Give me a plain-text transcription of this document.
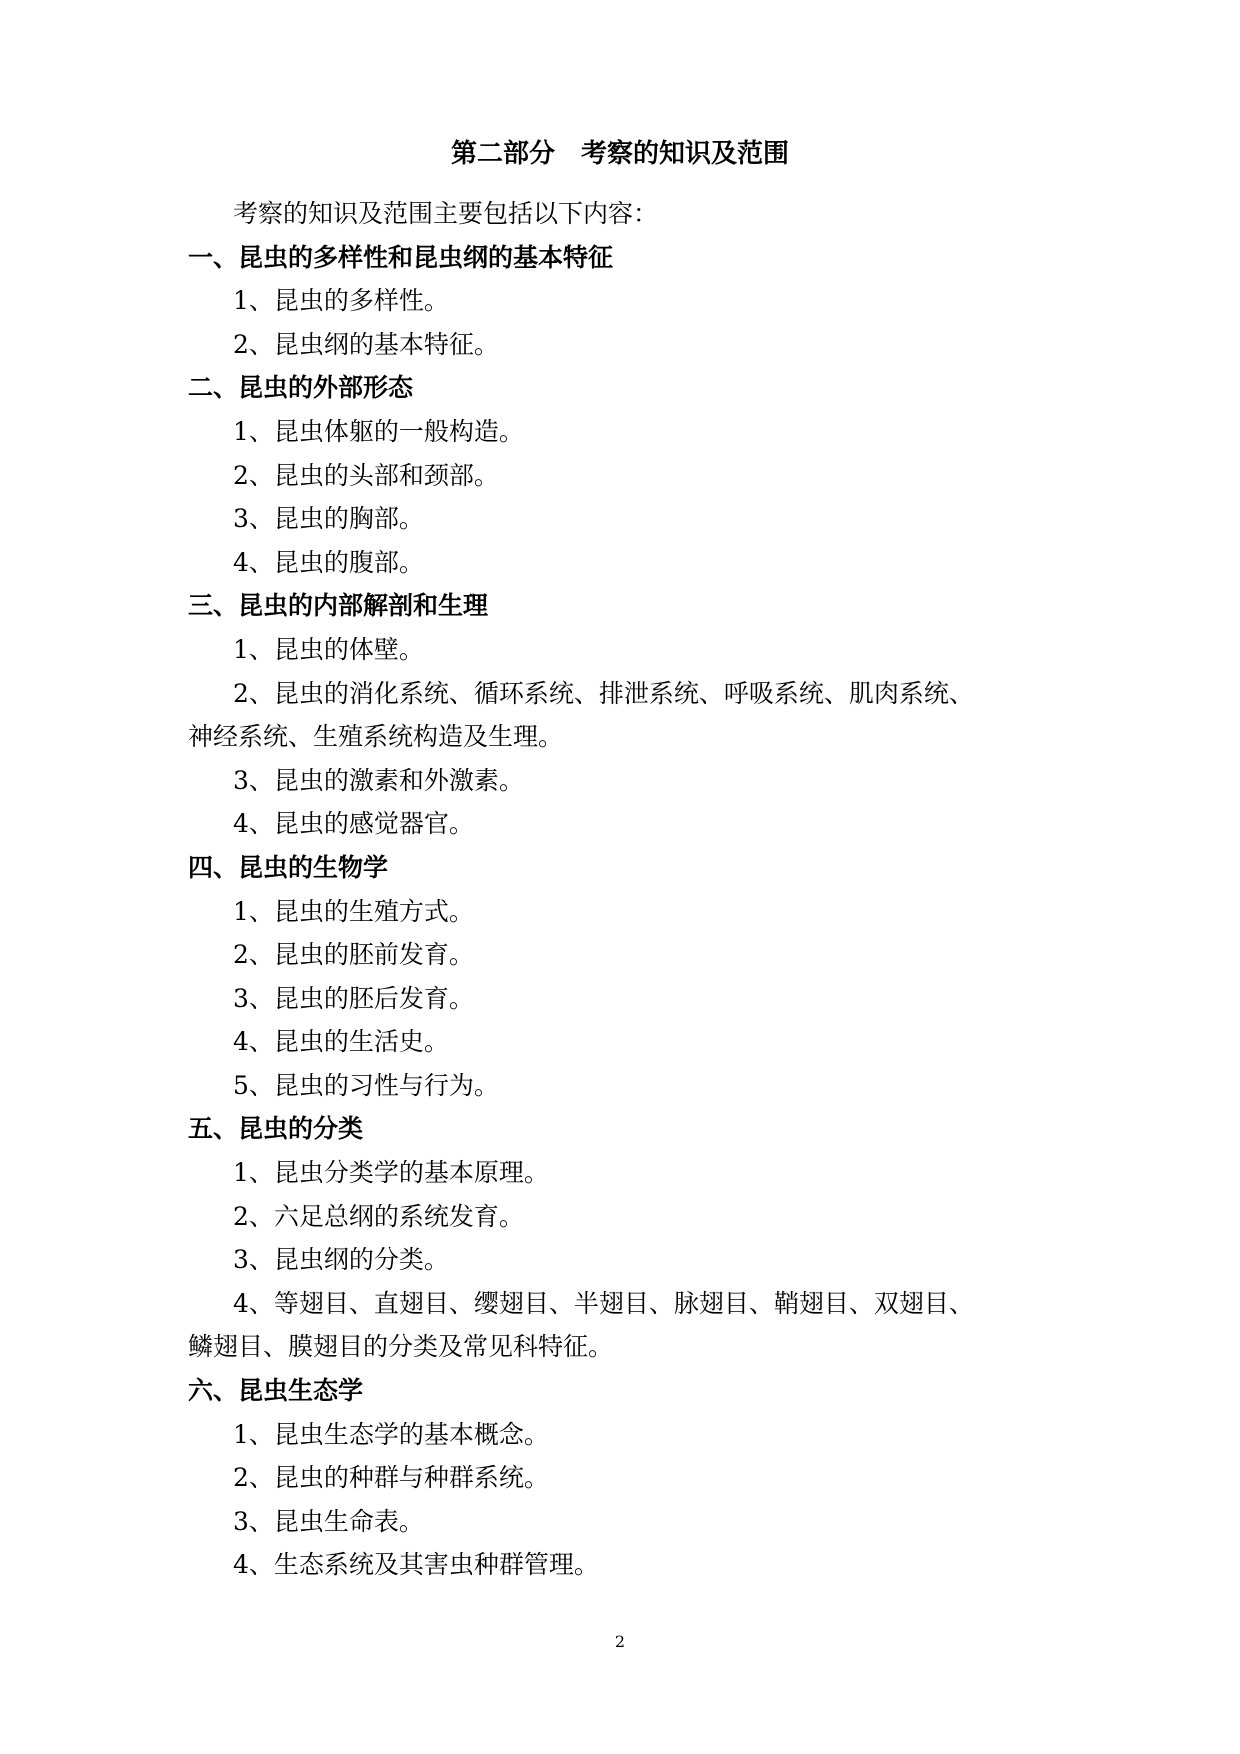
第二部分　考察的知识及范围
考察的知识及范围主要包括以下内容：
一、昆虫的多样性和昆虫纲的基本特征
1、昆虫的多样性。
2、昆虫纲的基本特征。
二、昆虫的外部形态
1、昆虫体躯的一般构造。
2、昆虫的头部和颈部。
3、昆虫的胸部。
4、昆虫的腹部。
三、昆虫的内部解剖和生理
1、昆虫的体壁。
2、昆虫的消化系统、循环系统、排泄系统、呼吸系统、肌肉系统、
神经系统、生殖系统构造及生理。
3、昆虫的激素和外激素。
4、昆虫的感觉器官。
四、昆虫的生物学
1、昆虫的生殖方式。
2、昆虫的胚前发育。
3、昆虫的胚后发育。
4、昆虫的生活史。
5、昆虫的习性与行为。
五、昆虫的分类
1、昆虫分类学的基本原理。
2、六足总纲的系统发育。
3、昆虫纲的分类。
4、等翅目、直翅目、缨翅目、半翅目、脉翅目、鞘翅目、双翅目、
鳞翅目、膜翅目的分类及常见科特征。
六、昆虫生态学
1、昆虫生态学的基本概念。
2、昆虫的种群与种群系统。
3、昆虫生命表。
4、生态系统及其害虫种群管理。
2
